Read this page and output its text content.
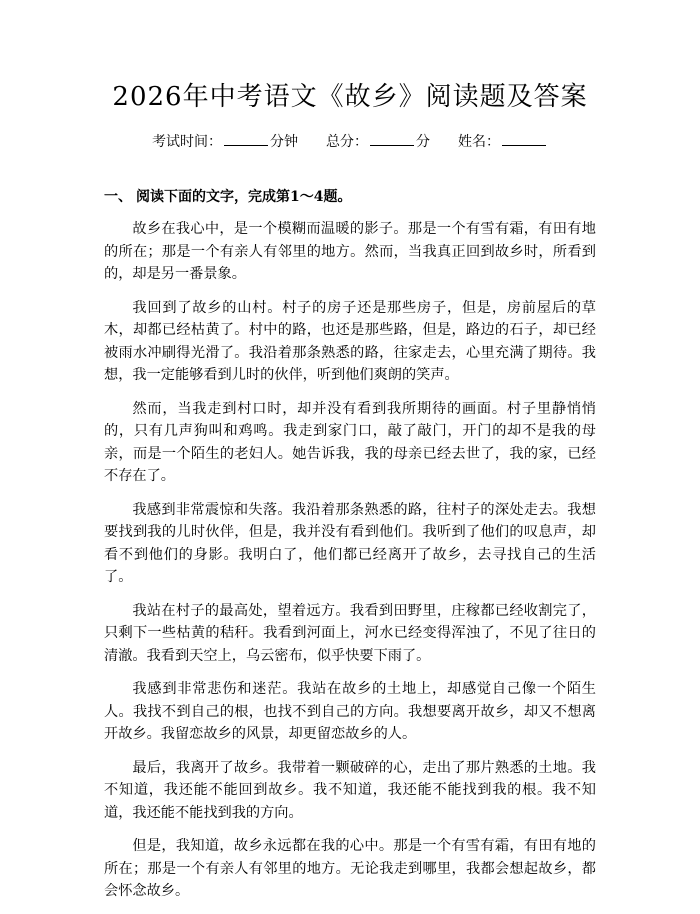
2026年中考语文《故乡》阅读题及答案
考试时间：	分钟 总分：	分 姓名：
一、 阅读下面的文字，完成第1～4题。

故乡在我心中，是一个模糊而温暖的影子。那是一个有雪有霜，有田有地的所在；那是一个有亲人有邻里的地方。然而，当我真正回到故乡时，所看到的，却是另一番景象。

我回到了故乡的山村。村子的房子还是那些房子，但是，房前屋后的草木，却都已经枯黄了。村中的路，也还是那些路，但是，路边的石子，却已经被雨水冲刷得光滑了。我沿着那条熟悉的路，往家走去，心里充满了期待。我想，我一定能够看到儿时的伙伴，听到他们爽朗的笑声。

然而，当我走到村口时，却并没有看到我所期待的画面。村子里静悄悄的，只有几声狗叫和鸡鸣。我走到家门口，敲了敲门，开门的却不是我的母亲，而是一个陌生的老妇人。她告诉我，我的母亲已经去世了，我的家，已经不存在了。

我感到非常震惊和失落。我沿着那条熟悉的路，往村子的深处走去。我想要找到我的儿时伙伴，但是，我并没有看到他们。我听到了他们的叹息声，却看不到他们的身影。我明白了，他们都已经离开了故乡，去寻找自己的生活了。

我站在村子的最高处，望着远方。我看到田野里，庄稼都已经收割完了，只剩下一些枯黄的秸秆。我看到河面上，河水已经变得浑浊了，不见了往日的清澈。我看到天空上，乌云密布，似乎快要下雨了。

我感到非常悲伤和迷茫。我站在故乡的土地上，却感觉自己像一个陌生人。我找不到自己的根，也找不到自己的方向。我想要离开故乡，却又不想离开故乡。我留恋故乡的风景，却更留恋故乡的人。

最后，我离开了故乡。我带着一颗破碎的心，走出了那片熟悉的土地。我不知道，我还能不能回到故乡。我不知道，我还能不能找到我的根。我不知道，我还能不能找到我的方向。

但是，我知道，故乡永远都在我的心中。那是一个有雪有霜，有田有地的所在；那是一个有亲人有邻里的地方。无论我走到哪里，我都会想起故乡，都会怀念故乡。
